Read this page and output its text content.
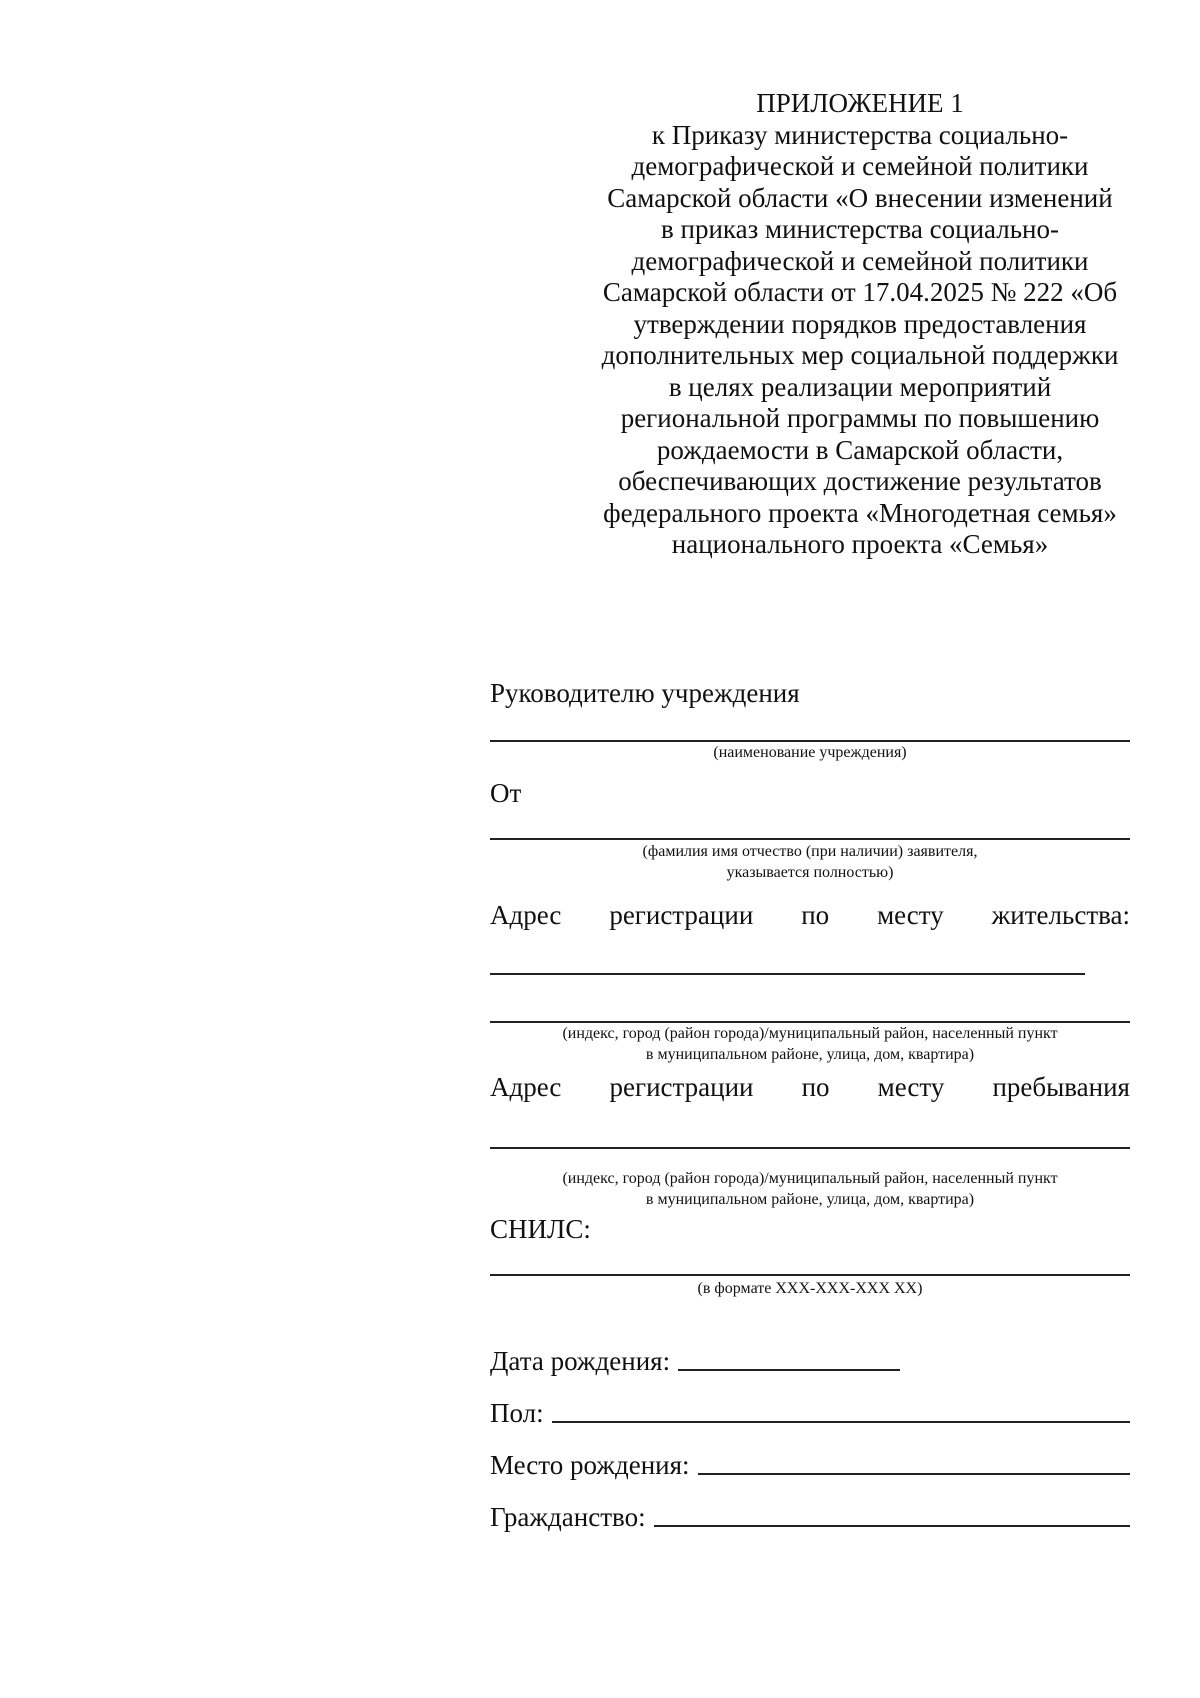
ПРИЛОЖЕНИЕ 1
к Приказу министерства социально-
демографической и семейной политики
Самарской области «О внесении изменений
в приказ министерства социально-
демографической и семейной политики
Самарской области от 17.04.2025 № 222 «Об
утверждении порядков предоставления
дополнительных мер социальной поддержки
в целях реализации мероприятий
региональной программы по повышению
рождаемости в Самарской области,
обеспечивающих достижение результатов
федерального проекта «Многодетная семья»
национального проекта «Семья»
Руководителю учреждения
(наименование учреждения)
От
(фамилия имя отчество (при наличии) заявителя,
указывается полностью)
Адрес регистрации по месту жительства:
(индекс, город (район города)/муниципальный район, населенный пункт
в муниципальном районе, улица, дом, квартира)
Адрес регистрации по месту пребывания
(индекс, город (район города)/муниципальный район, населенный пункт
в муниципальном районе, улица, дом, квартира)
СНИЛС:
(в формате ХХХ-ХХХ-ХХХ ХХ)
Дата рождения:
Пол:
Место рождения:
Гражданство:
